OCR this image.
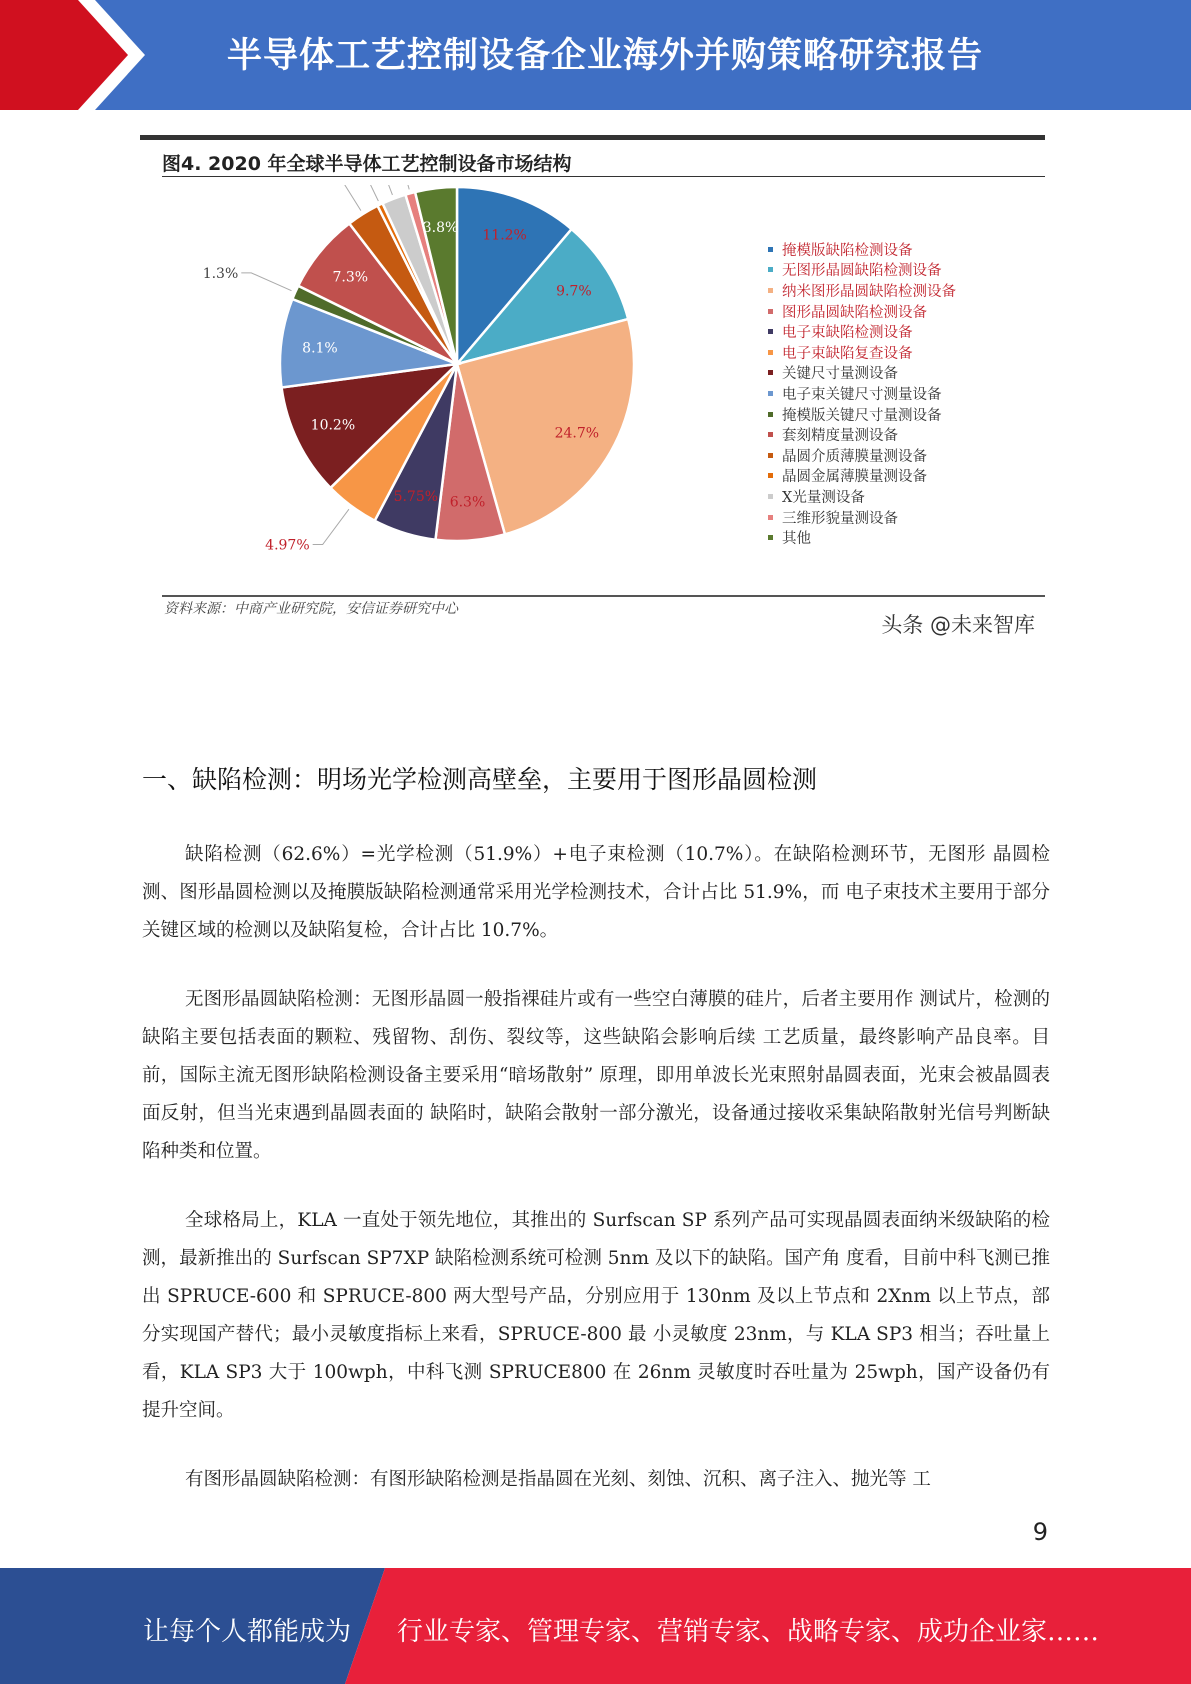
半导体工艺控制设备企业海外并购策略研究报告
图4. 2020 年全球半导体工艺控制设备市场结构
11.2%
9.7%
24.7%
6.3%
5.75%
4.97%
10.2%
8.1%
1.3%	7.3%
3.8%
掩模版缺陷检测设备
无图形晶圆缺陷检测设备
纳米图形晶圆缺陷检测设备
图形晶圆缺陷检测设备
电子束缺陷检测设备
电子束缺陷复查设备
关键尺寸量测设备
电子束关键尺寸测量设备
掩模版关键尺寸量测设备
套刻精度量测设备
晶圆介质薄膜量测设备
晶圆金属薄膜量测设备
X光量测设备
三维形貌量测设备
其他
资料来源：中商产业研究院，安信证券研究中心
头条 @未来智库
一、缺陷检测：明场光学检测高壁垒，主要用于图形晶圆检测

缺陷检测（62.6%）=光学检测（51.9%）+电子束检测（10.7%）。在缺陷检测环节，无图形 晶圆检测、图形晶圆检测以及掩膜版缺陷检测通常采用光学检测技术，合计占比 51.9%，而 电子束技术主要用于部分关键区域的检测以及缺陷复检，合计占比 10.7%。

无图形晶圆缺陷检测：无图形晶圆一般指裸硅片或有一些空白薄膜的硅片，后者主要用作 测试片，检测的缺陷主要包括表面的颗粒、残留物、刮伤、裂纹等，这些缺陷会影响后续 工艺质量，最终影响产品良率。目前，国际主流无图形缺陷检测设备主要采用“暗场散射” 原理，即用单波长光束照射晶圆表面，光束会被晶圆表面反射，但当光束遇到晶圆表面的 缺陷时，缺陷会散射一部分激光，设备通过接收采集缺陷散射光信号判断缺陷种类和位置。

全球格局上，KLA 一直处于领先地位，其推出的 Surfscan SP 系列产品可实现晶圆表面纳米级缺陷的检测，最新推出的 Surfscan SP7XP 缺陷检测系统可检测 5nm 及以下的缺陷。国产角 度看，目前中科飞测已推出 SPRUCE-600 和 SPRUCE-800 两大型号产品，分别应用于 130nm 及以上节点和 2Xnm 以上节点，部分实现国产替代；最小灵敏度指标上来看，SPRUCE-800 最 小灵敏度 23nm，与 KLA SP3 相当；吞吐量上看，KLA SP3 大于 100wph，中科飞测 SPRUCE800 在 26nm 灵敏度时吞吐量为 25wph，国产设备仍有提升空间。

有图形晶圆缺陷检测：有图形缺陷检测是指晶圆在光刻、刻蚀、沉积、离子注入、抛光等 工

9
让每个人都能成为 行业专家、管理专家、营销专家、战略专家、成功企业家……
